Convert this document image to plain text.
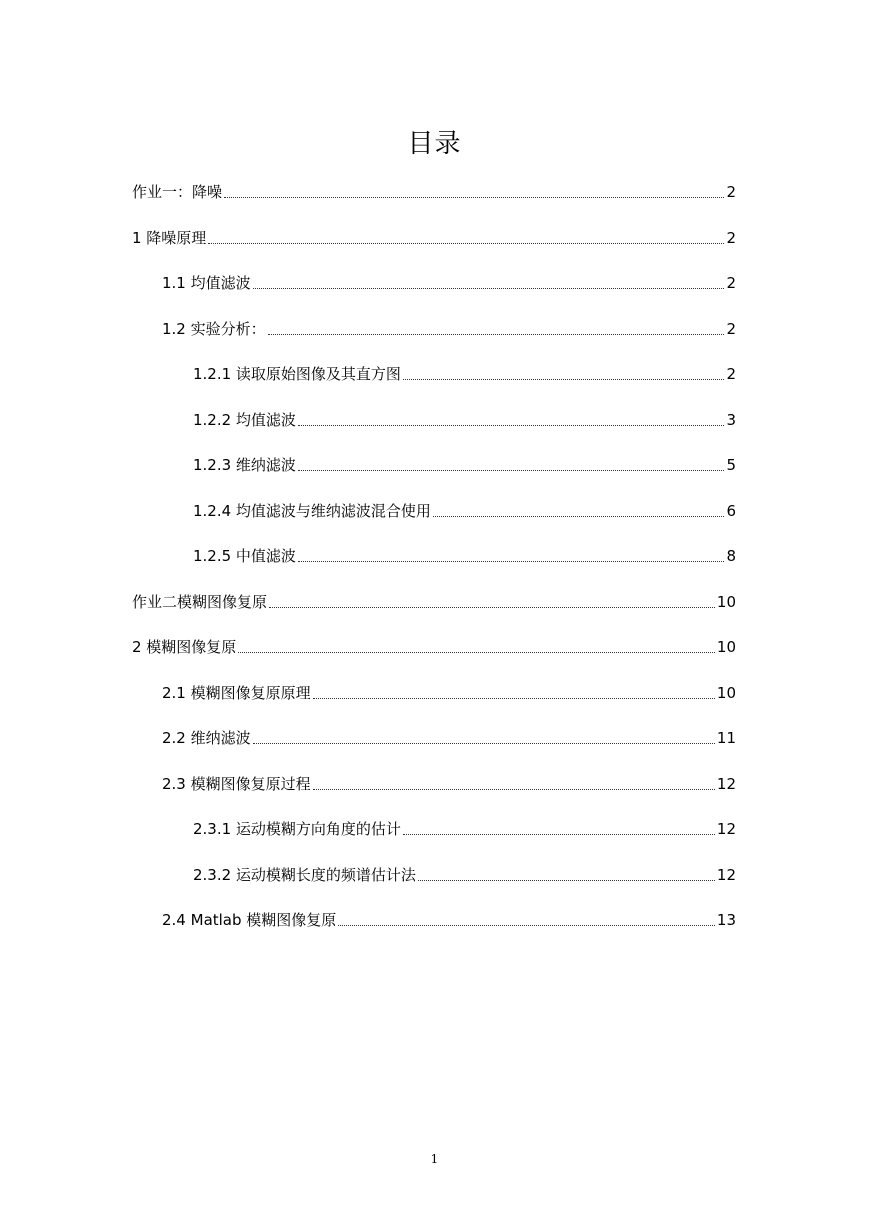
目录
作业一：降噪	2
1 降噪原理	2
1.1 均值滤波	2
1.2 实验分析：	2
1.2.1 读取原始图像及其直方图	2
1.2.2 均值滤波	3
1.2.3 维纳滤波	5
1.2.4 均值滤波与维纳滤波混合使用	6
1.2.5 中值滤波	8
作业二模糊图像复原	10
2 模糊图像复原	10
2.1 模糊图像复原原理	10
2.2 维纳滤波	11
2.3 模糊图像复原过程	12
2.3.1 运动模糊方向角度的估计	12
2.3.2 运动模糊长度的频谱估计法	12
2.4 Matlab 模糊图像复原	13
1
